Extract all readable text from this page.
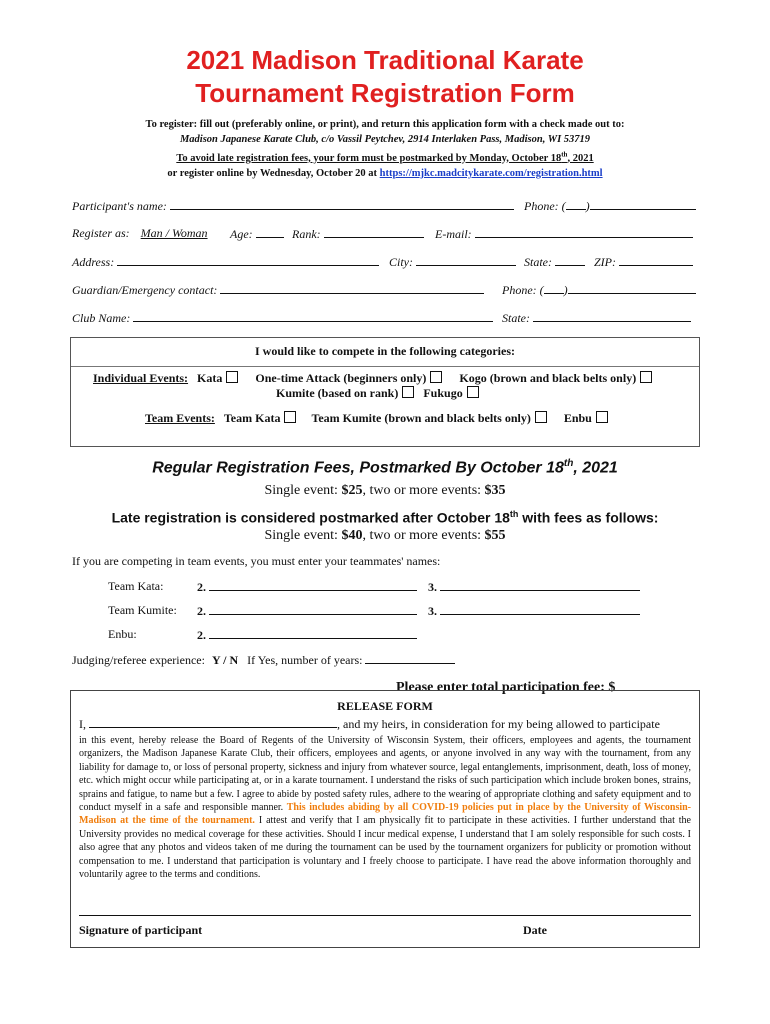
2021 Madison Traditional Karate
Tournament Registration Form
To register: fill out (preferably online, or print), and return this application form with a check made out to:
Madison Japanese Karate Club, c/o Vassil Peytchev, 2914 Interlaken Pass, Madison, WI 53719
To avoid late registration fees, your form must be postmarked by Monday, October 18th, 2021
or register online by Wednesday, October 20 at https://mjkc.madcitykarate.com/registration.html
Participant's name:	Phone: ( )
Register as: Man / Woman Age:	Rank:	E-mail:
Address:	City:	State:	ZIP:
Guardian/Emergency contact:	Phone: ( )
Club Name:	State:
I would like to compete in the following categories:
Individual Events: Kata	One-time Attack (beginners only)	Kogo (brown and black belts only)
Kumite (based on rank) Fukugo
Team Events: Team Kata	Team Kumite (brown and black belts only)	Enbu
Regular Registration Fees, Postmarked By October 18th, 2021
Single event: $25, two or more events: $35
Late registration is considered postmarked after October 18th with fees as follows:
Single event: $40, two or more events: $55
If you are competing in team events, you must enter your teammates' names:
Team Kata:	2.	3.
Team Kumite: 2.	3.
Enbu:	2.
Judging/referee experience: Y / N If Yes, number of years:
Please enter total participation fee: $
RELEASE FORM
I,	, and my heirs, in consideration for my being allowed to participate
in this event, hereby release the Board of Regents of the University of Wisconsin System, their officers, employees and agents, the tournament organizers, the Madison Japanese Karate Club, their officers, employees and agents, or anyone involved in any way with the tournament, from any liability for damage to, or loss of personal property, sickness and injury from whatever source, legal entanglements, imprisonment, death, loss of money, etc. which might occur while participating at, or in a karate tournament. I understand the risks of such participation which include broken bones, strains, sprains and fatigue, to name but a few. I agree to abide by posted safety rules, adhere to the wearing of appropriate clothing and safety equipment and to conduct myself in a safe and responsible manner. This includes abiding by all COVID-19 policies put in place by the University of Wisconsin-Madison at the time of the tournament. I attest and verify that I am physically fit to participate in these activities. I further understand that the University provides no medical coverage for these activities. Should I incur medical expense, I understand that I am solely responsible for such costs. I also agree that any photos and videos taken of me during the tournament can be used by the tournament organizers for publicity or promotion without compensation to me. I understand that participation is voluntary and I freely choose to participate. I have read the above information thoroughly and voluntarily agree to the terms and conditions.
Signature of participant	Date
